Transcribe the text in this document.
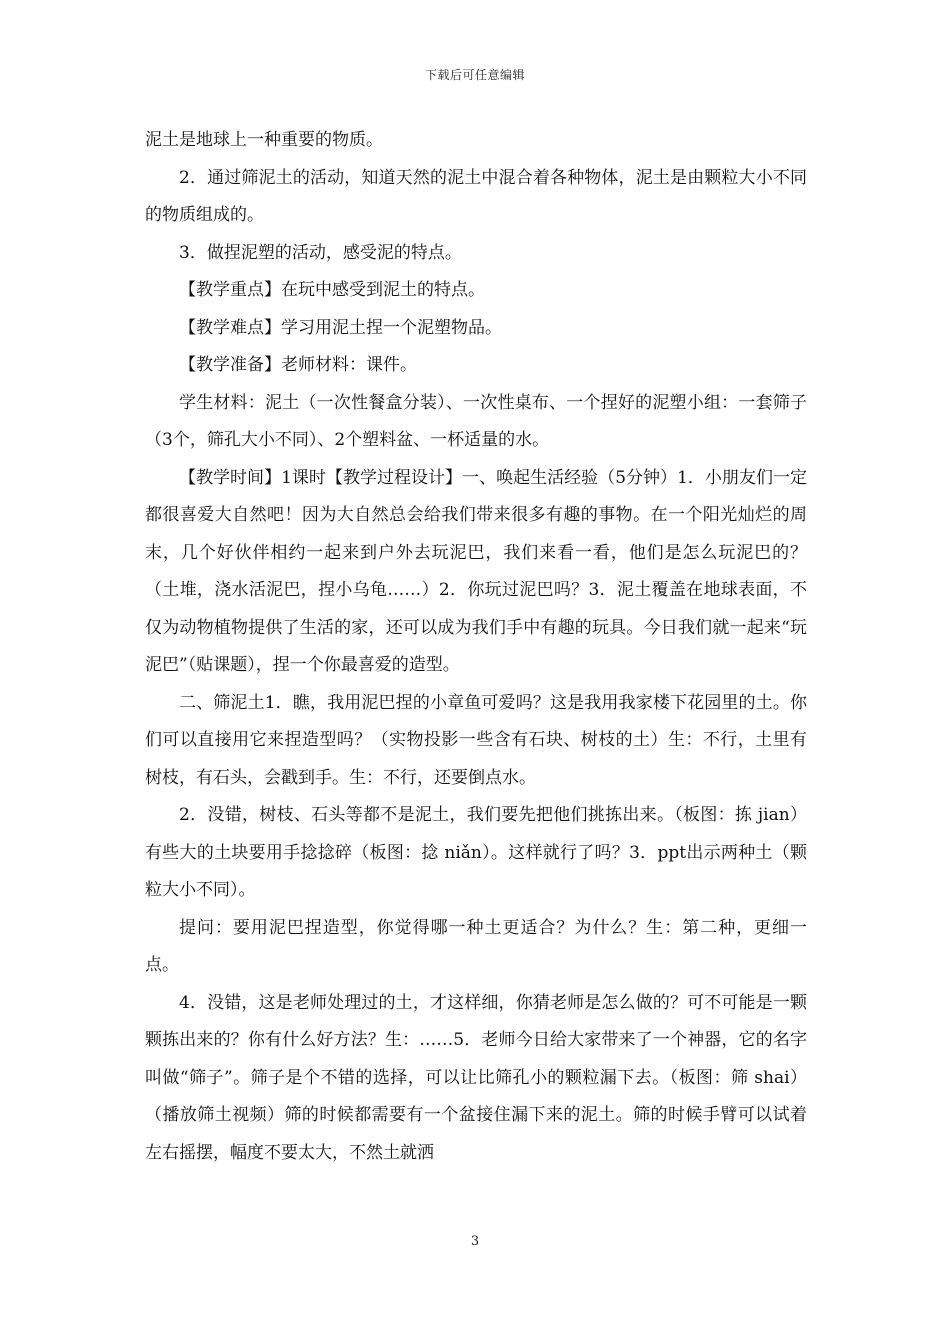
下载后可任意编辑

泥土是地球上一种重要的物质。

2．通过筛泥土的活动，知道天然的泥土中混合着各种物体，泥土是由颗粒大小不同的物质组成的。

3．做捏泥塑的活动，感受泥的特点。

【教学重点】在玩中感受到泥土的特点。

【教学难点】学习用泥土捏一个泥塑物品。

【教学准备】老师材料：课件。

学生材料：泥土（一次性餐盒分装）、一次性桌布、一个捏好的泥塑小组：一套筛子（3个，筛孔大小不同）、2个塑料盆、一杯适量的水。

【教学时间】1课时【教学过程设计】一、唤起生活经验（5分钟）1．小朋友们一定都很喜爱大自然吧！因为大自然总会给我们带来很多有趣的事物。在一个阳光灿烂的周末，几个好伙伴相约一起来到户外去玩泥巴，我们来看一看，他们是怎么玩泥巴的？（土堆，浇水活泥巴，捏小乌龟……）2．你玩过泥巴吗？3．泥土覆盖在地球表面，不仅为动物植物提供了生活的家，还可以成为我们手中有趣的玩具。今日我们就一起来“玩泥巴”（贴课题），捏一个你最喜爱的造型。

二、筛泥土1．瞧，我用泥巴捏的小章鱼可爱吗？这是我用我家楼下花园里的土。你们可以直接用它来捏造型吗？（实物投影一些含有石块、树枝的土）生：不行，土里有树枝，有石头，会戳到手。生：不行，还要倒点水。

2．没错，树枝、石头等都不是泥土，我们要先把他们挑拣出来。（板图：拣 jian）有些大的土块要用手捻捻碎（板图：捻 niǎn）。这样就行了吗？3．ppt出示两种土（颗粒大小不同）。

提问：要用泥巴捏造型，你觉得哪一种土更适合？为什么？生：第二种，更细一点。

4．没错，这是老师处理过的土，才这样细，你猜老师是怎么做的？可不可能是一颗颗拣出来的？你有什么好方法？生：……5．老师今日给大家带来了一个神器，它的名字叫做“筛子”。筛子是个不错的选择，可以让比筛孔小的颗粒漏下去。（板图：筛 shai）（播放筛土视频）筛的时候都需要有一个盆接住漏下来的泥土。筛的时候手臂可以试着左右摇摆，幅度不要太大，不然土就洒

3
